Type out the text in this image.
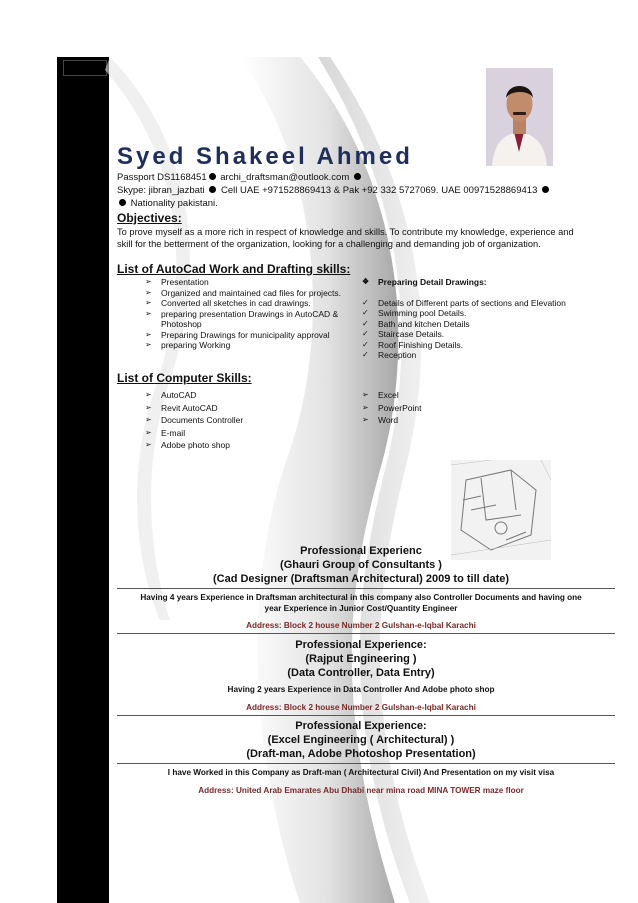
Syed Shakeel Ahmed
Passport DS1168451 archi_draftsman@outlook.com
Skype: jibran_jazbati Cell UAE +971528869413 & Pak +92 332 5727069. UAE 00971528869413
Nationality pakistani.
Objectives:
To prove myself as a more rich in respect of knowledge and skills. To contribute my knowledge, experience and
skill for the betterment of the organization, looking for a challenging and demanding job of organization.
List of AutoCad Work and Drafting skills:
➢ Presentation
➢ Organized and maintained cad files for projects.
➢ Converted all sketches in cad drawings.
➢ preparing presentation Drawings in AutoCAD &
Photoshop
➢ Preparing Drawings for municipality approval
➢ preparing Working
❖ Preparing Detail Drawings:
✓ Details of Different parts of sections and Elevation
✓ Swimming pool Details.
✓ Bath and kitchen Details
✓ Staircase Details.
✓ Roof Finishing Details.
✓ Reception
List of Computer Skills:
➢ AutoCAD
➢ Revit AutoCAD
➢ Documents Controller
➢ E-mail
➢ Adobe photo shop
➢ Excel
➢ PowerPoint
➢ Word
Professional Experienc
(Ghauri Group of Consultants )
(Cad Designer (Draftsman Architectural) 2009 to till date)
Having 4 years Experience in Draftsman architectural in this company also Controller Documents and having one
year Experience in Junior Cost/Quantity Engineer
Address: Block 2 house Number 2 Gulshan-e-Iqbal Karachi
Professional Experience:
(Rajput Engineering )
(Data Controller, Data Entry)
Having 2 years Experience in Data Controller And Adobe photo shop
Address: Block 2 house Number 2 Gulshan-e-Iqbal Karachi
Professional Experience:
(Excel Engineering ( Architectural) )
(Draft-man, Adobe Photoshop Presentation)
I have Worked in this Company as Draft-man ( Architectural Civil) And Presentation on my visit visa
Address: United Arab Emarates Abu Dhabi near mina road MINA TOWER maze floor
